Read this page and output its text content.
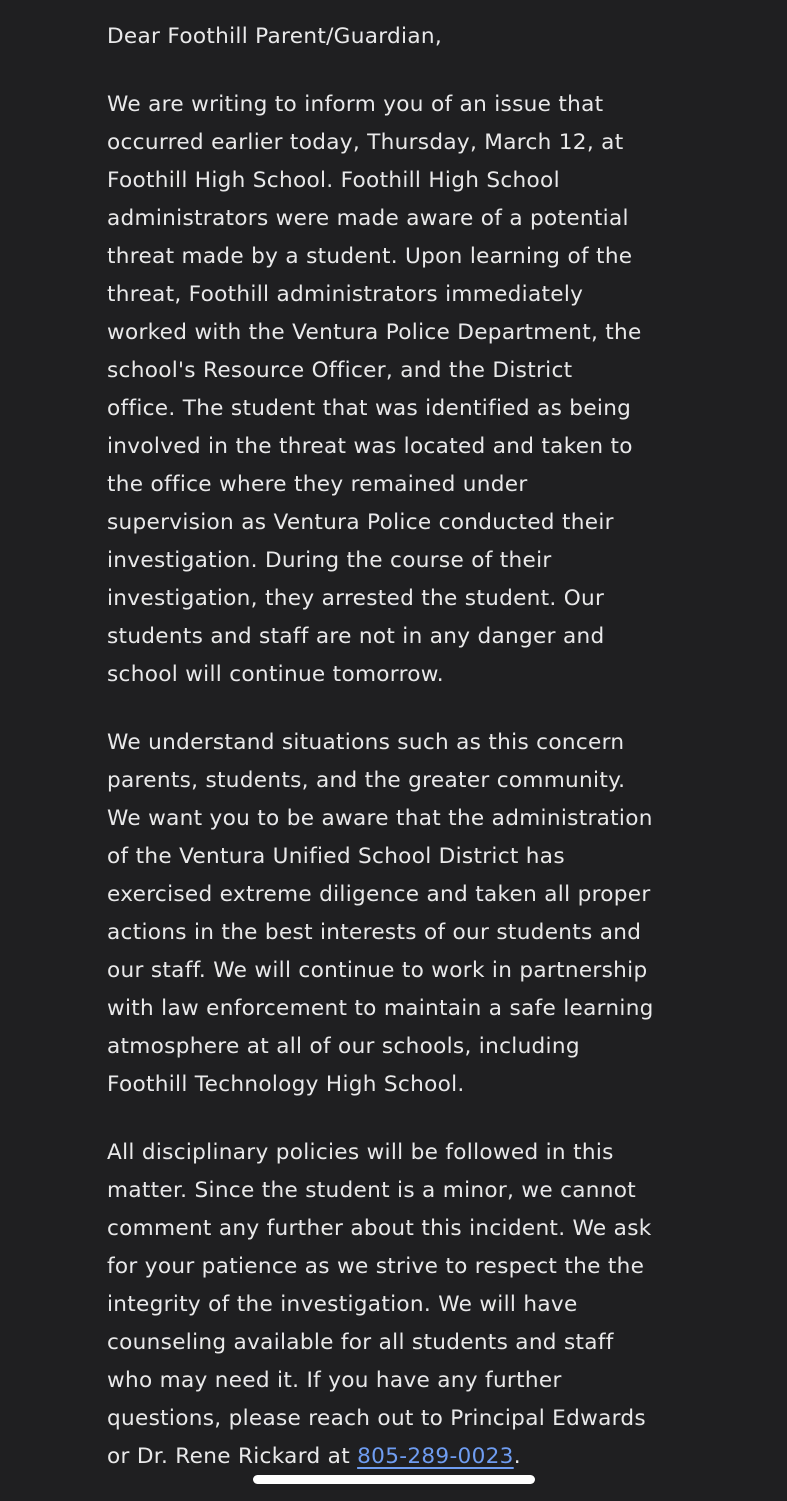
Dear Foothill Parent/Guardian,

We are writing to inform you of an issue that
occurred earlier today, Thursday, March 12, at
Foothill High School. Foothill High School
administrators were made aware of a potential
threat made by a student. Upon learning of the
threat, Foothill administrators immediately
worked with the Ventura Police Department, the
school's Resource Officer, and the District
office. The student that was identified as being
involved in the threat was located and taken to
the office where they remained under
supervision as Ventura Police conducted their
investigation. During the course of their
investigation, they arrested the student. Our
students and staff are not in any danger and
school will continue tomorrow.

We understand situations such as this concern
parents, students, and the greater community.
We want you to be aware that the administration
of the Ventura Unified School District has
exercised extreme diligence and taken all proper
actions in the best interests of our students and
our staff. We will continue to work in partnership
with law enforcement to maintain a safe learning
atmosphere at all of our schools, including
Foothill Technology High School.

All disciplinary policies will be followed in this
matter. Since the student is a minor, we cannot
comment any further about this incident. We ask
for your patience as we strive to respect the the
integrity of the investigation. We will have
counseling available for all students and staff
who may need it. If you have any further
questions, please reach out to Principal Edwards
or Dr. Rene Rickard at 805-289-0023.
